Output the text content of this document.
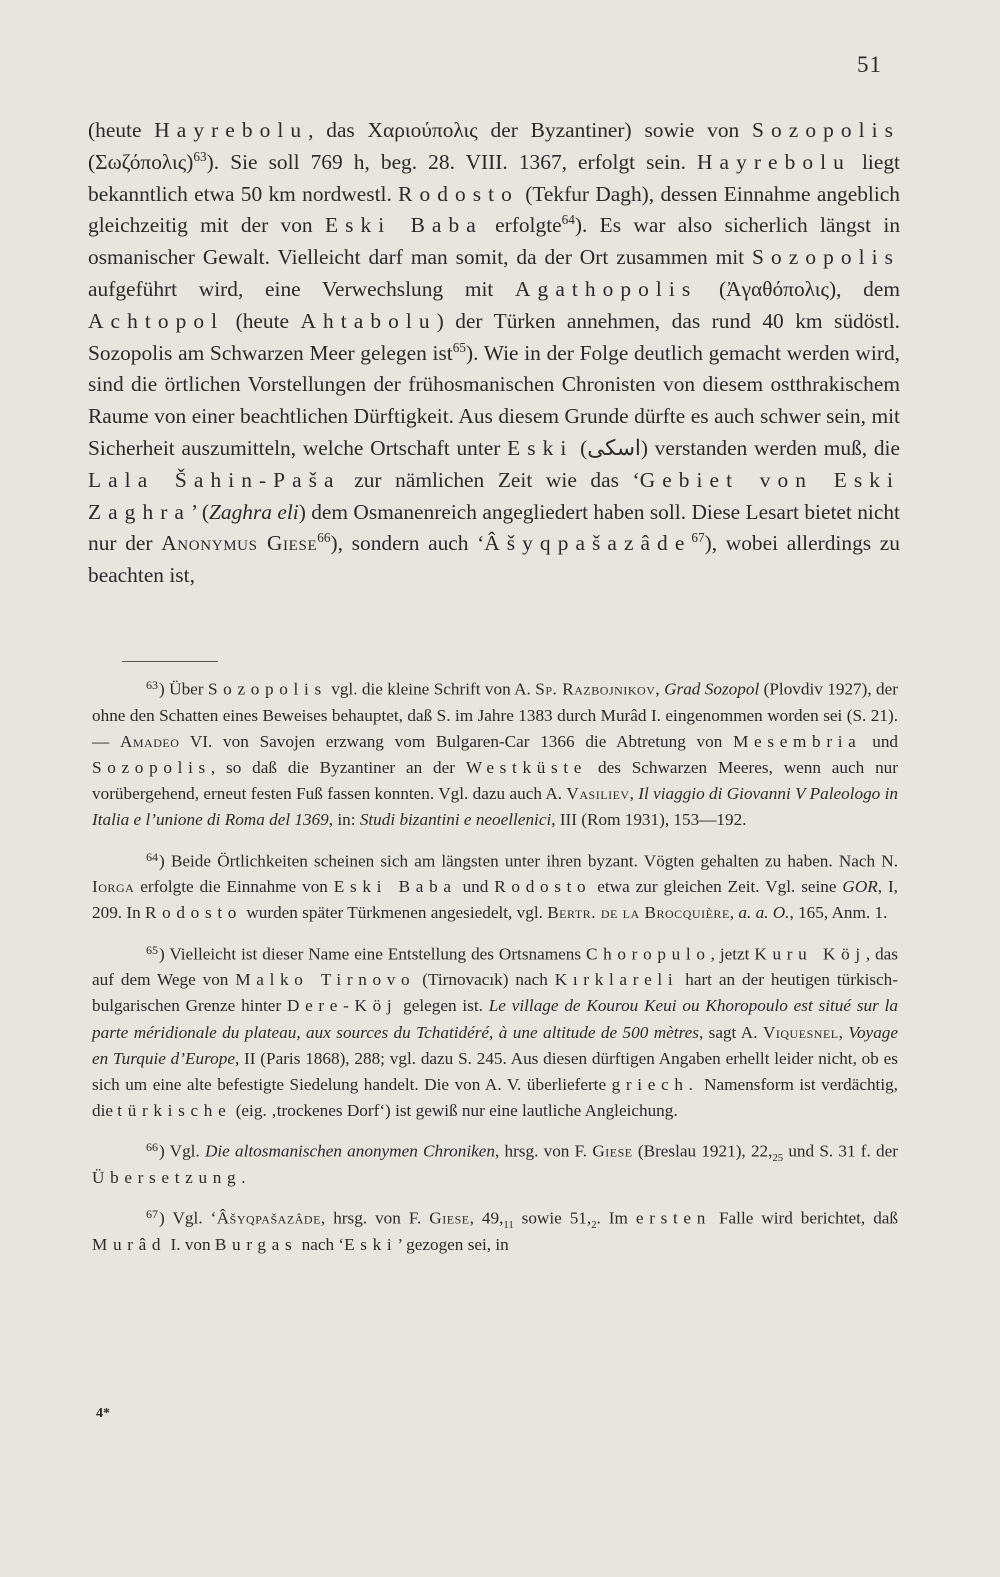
51

(heute Hayrebolu, das Χαριούπολις der Byzantiner) sowie von Sozopolis $(\Sigma\omega\zeta ό\pi o\lambda\iota\varsigma)^{63}$). Sie soll 769 h, beg. 28. VIII. 1367, erfolgt sein. Hayrebolu liegt bekanntlich etwa 50 km nordwestl. Rodosto (Tekfur Dagh), dessen Einnahme angeblich gleichzeitig mit der von Eski Baba erfolgte$^{64}$). Es war also sicherlich längst in osmanischer Gewalt. Vielleicht darf man somit, da der Ort zusammen mit Sozopolis aufgeführt wird, eine Verwechslung mit Agathopolis (Ἀγαθόπολις), dem Achtopol (heute Ahtabolu) der Türken annehmen, das rund 40 km südöstl. Sozopolis am Schwarzen Meer gelegen ist$^{65}$). Wie in der Folge deutlich gemacht werden wird, sind die örtlichen Vorstellungen der frühosmanischen Chronisten von diesem ostthrakischem Raume von einer beachtlichen Dürftigkeit. Aus diesem Grunde dürfte es auch schwer sein, mit Sicherheit auszumitteln, welche Ortschaft unter Eski (اسكى) verstanden werden muß, die Lala Šahin-Paša zur nämlichen Zeit wie das ‘Gebiet von Eski Zaghra’ (Zaghra eli) dem Osmanenreich angegliedert haben soll. Diese Lesart bietet nicht nur der Anonymus Giese$^{66}$), sondern auch ‘Âšyqpašazâde$^{67}$), wobei allerdings zu beachten ist,

$^{63}$) Über Sozopolis vgl. die kleine Schrift von A. Sp. Razbojnikov, Grad Sozopol (Plovdiv 1927), der ohne den Schatten eines Beweises behauptet, daß S. im Jahre 1383 durch Murâd I. eingenommen worden sei (S. 21). — Amadeo VI. von Savojen erzwang vom Bulgaren-Car 1366 die Abtretung von Mesembria und Sozopolis, so daß die Byzantiner an der Westküste des Schwarzen Meeres, wenn auch nur vorübergehend, erneut festen Fuß fassen konnten. Vgl. dazu auch A. Vasiliev, Il viaggio di Giovanni V Paleologo in Italia e l’unione di Roma del 1369, in: Studi bizantini e neoellenici, III (Rom 1931), 153—192.

$^{64}$) Beide Örtlichkeiten scheinen sich am längsten unter ihren byzant. Vögten gehalten zu haben. Nach N. Iorga erfolgte die Einnahme von Eski Baba und Rodosto etwa zur gleichen Zeit. Vgl. seine GOR, I, 209. In Rodosto wurden später Türkmenen angesiedelt, vgl. Bertr. de la Brocquière, a. a. O., 165, Anm. 1.

$^{65}$) Vielleicht ist dieser Name eine Entstellung des Ortsnamens Choropulo, jetzt Kuru Köj, das auf dem Wege von Malko Tirnovo (Tirnovacık) nach Kırklareli hart an der heutigen türkisch-bulgarischen Grenze hinter Dere-Köj gelegen ist. Le village de Kourou Keui ou Khoropoulo est situé sur la parte méridionale du plateau, aux sources du Tchatidéré, à une altitude de 500 mètres, sagt A. Viquesnel, Voyage en Turquie d’Europe, II (Paris 1868), 288; vgl. dazu S. 245. Aus diesen dürftigen Angaben erhellt leider nicht, ob es sich um eine alte befestigte Siedelung handelt. Die von A. V. überlieferte griech. Namensform ist verdächtig, die türkische (eig. ‚trockenes Dorf‘) ist gewiß nur eine lautliche Angleichung.

$^{66}$) Vgl. Die altosmanischen anonymen Chroniken, hrsg. von F. Giese (Breslau 1921), $22,_{25}$ und S. 31 f. der Übersetzung.

$^{67}$) Vgl. ‘Âšyqpašazâde, hrsg. von F. Giese, $49,_{11}$ sowie $51,_2$. Im ersten Falle wird berichtet, daß Murâd I. von Burgas nach ‘Eski’ gezogen sei, in

4*
